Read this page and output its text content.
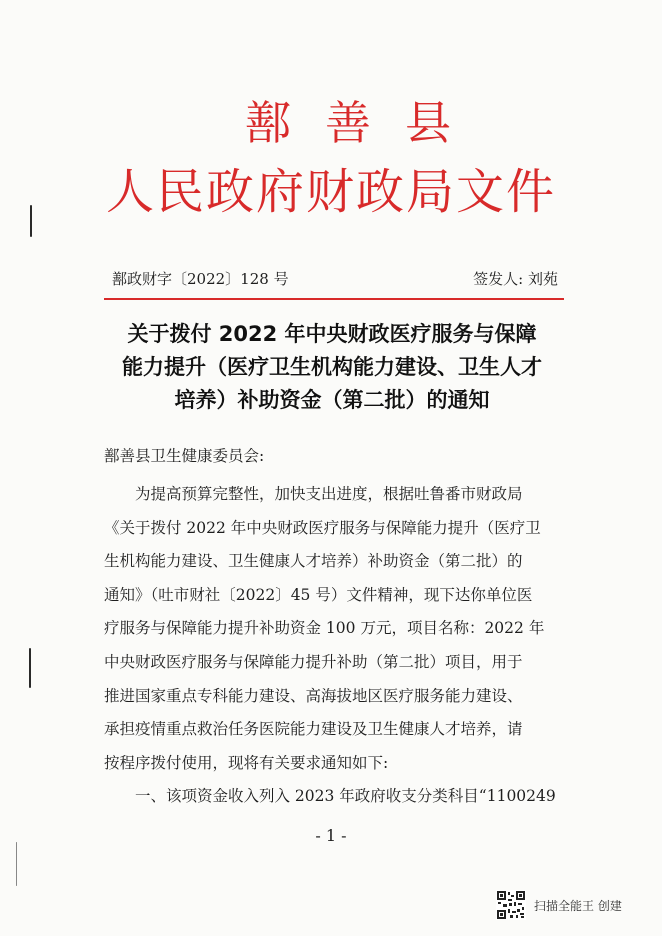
鄯善县
人民政府财政局文件
鄯政财字〔2022〕128 号	签发人: 刘苑
关于拨付 2022 年中央财政医疗服务与保障
能力提升（医疗卫生机构能力建设、卫生人才
培养）补助资金（第二批）的通知
鄯善县卫生健康委员会:
为提高预算完整性，加快支出进度，根据吐鲁番市财政局
《关于拨付 2022 年中央财政医疗服务与保障能力提升（医疗卫
生机构能力建设、卫生健康人才培养）补助资金（第二批）的
通知》（吐市财社〔2022〕45 号）文件精神，现下达你单位医
疗服务与保障能力提升补助资金 100 万元，项目名称：2022 年
中央财政医疗服务与保障能力提升补助（第二批）项目，用于
推进国家重点专科能力建设、高海拔地区医疗服务能力建设、
承担疫情重点救治任务医院能力建设及卫生健康人才培养，请
按程序拨付使用，现将有关要求通知如下:
一、该项资金收入列入 2023 年政府收支分类科目“1100249
- 1 -
扫描全能王 创建
